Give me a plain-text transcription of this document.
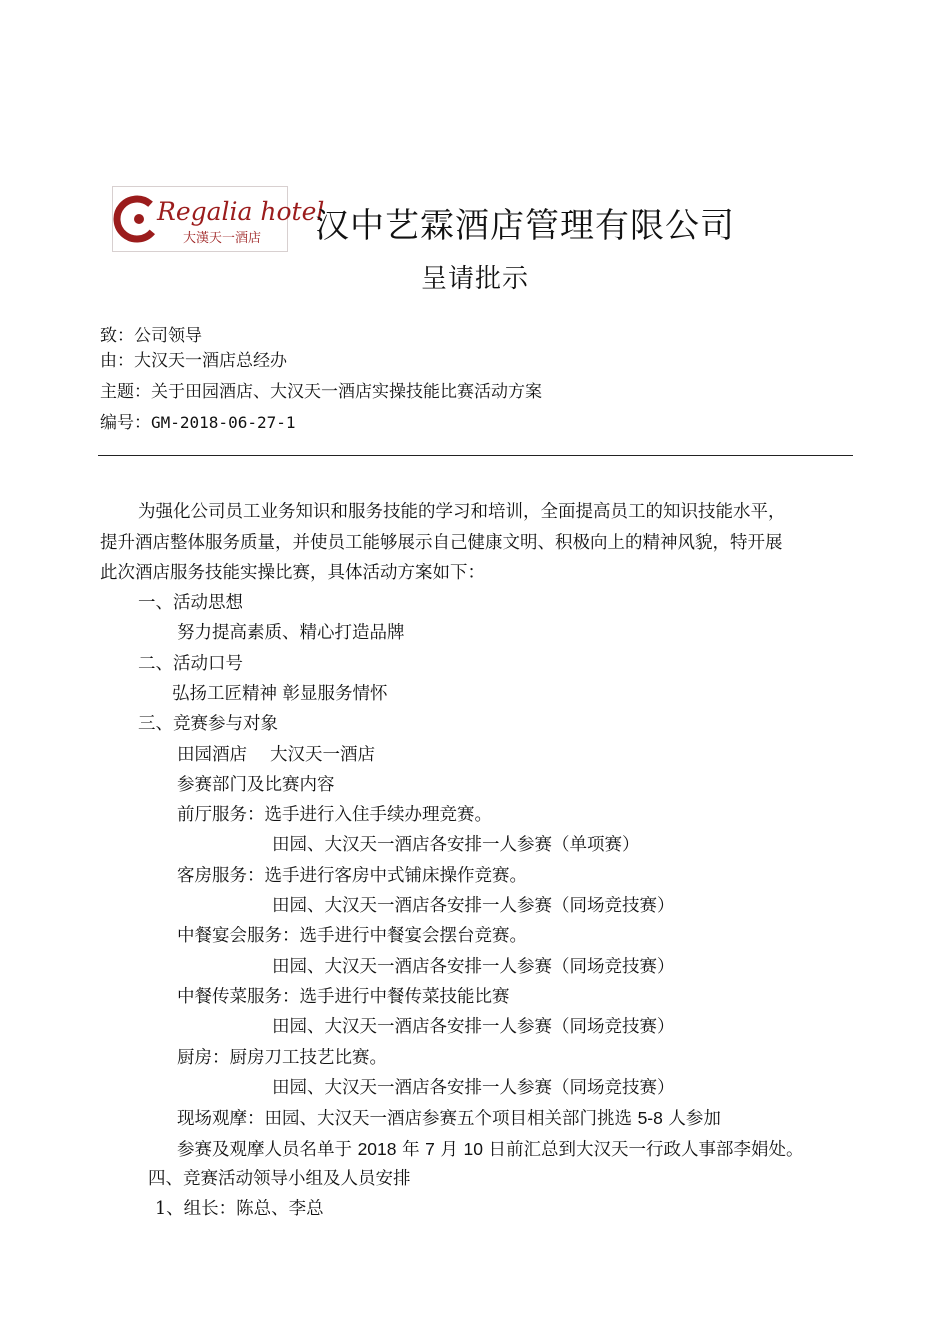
Regalia hotel
大漢天一酒店 汉中艺霖酒店管理有限公司
呈请批示
致：公司领导
由：大汉天一酒店总经办
主题：关于田园酒店、大汉天一酒店实操技能比赛活动方案
编号：GM-2018-06-27-1
为强化公司员工业务知识和服务技能的学习和培训，全面提高员工的知识技能水平，
提升酒店整体服务质量，并使员工能够展示自己健康文明、积极向上的精神风貌，特开展
此次酒店服务技能实操比赛，具体活动方案如下：
一、活动思想
努力提高素质、精心打造品牌
二、活动口号
弘扬工匠精神 彰显服务情怀
三、竞赛参与对象
田园酒店　 大汉天一酒店
参赛部门及比赛内容
前厅服务：选手进行入住手续办理竞赛。
田园、大汉天一酒店各安排一人参赛（单项赛）
客房服务：选手进行客房中式铺床操作竞赛。
田园、大汉天一酒店各安排一人参赛（同场竞技赛）
中餐宴会服务：选手进行中餐宴会摆台竞赛。
田园、大汉天一酒店各安排一人参赛（同场竞技赛）
中餐传菜服务：选手进行中餐传菜技能比赛
田园、大汉天一酒店各安排一人参赛（同场竞技赛）
厨房：厨房刀工技艺比赛。
田园、大汉天一酒店各安排一人参赛（同场竞技赛）
现场观摩：田园、大汉天一酒店参赛五个项目相关部门挑选 5-8 人参加
参赛及观摩人员名单于 2018 年 7 月 10 日前汇总到大汉天一行政人事部李娟处。
四、竞赛活动领导小组及人员安排
1、组长：陈总、李总
